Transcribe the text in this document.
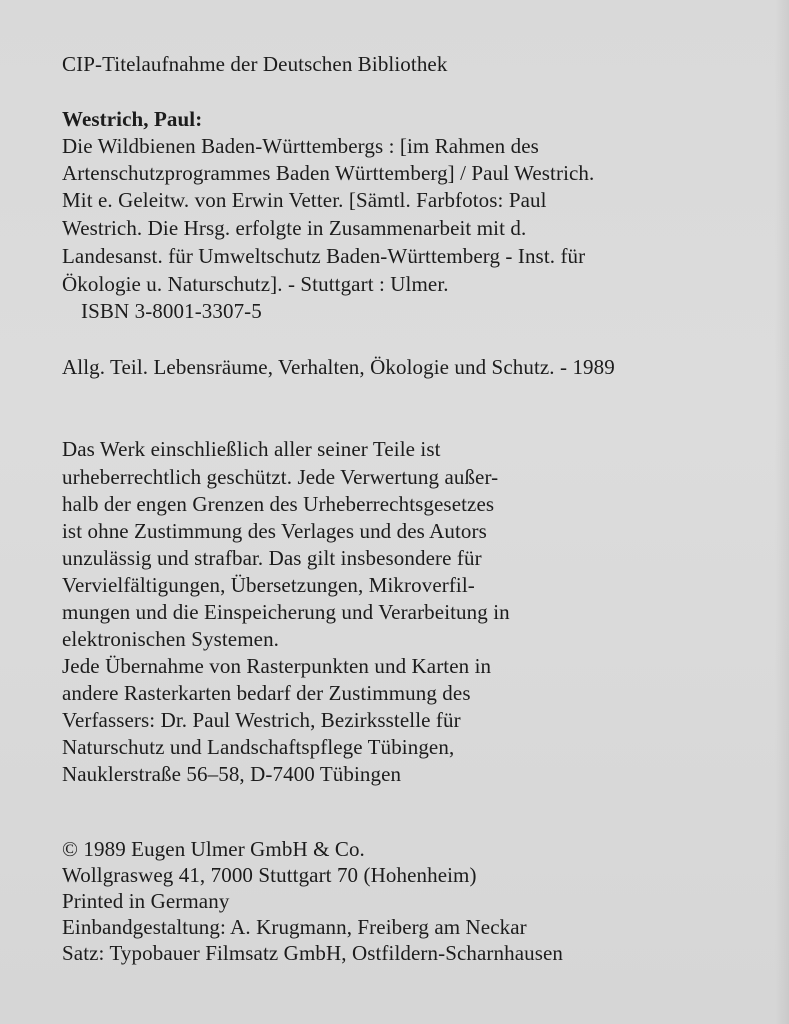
CIP-Titelaufnahme der Deutschen Bibliothek
Westrich, Paul:
Die Wildbienen Baden-Württembergs : [im Rahmen des
Artenschutzprogrammes Baden Württemberg] / Paul Westrich.
Mit e. Geleitw. von Erwin Vetter. [Sämtl. Farbfotos: Paul
Westrich. Die Hrsg. erfolgte in Zusammenarbeit mit d.
Landesanst. für Umweltschutz Baden-Württemberg - Inst. für
Ökologie u. Naturschutz]. - Stuttgart : Ulmer.
ISBN 3-8001-3307-5
Allg. Teil. Lebensräume, Verhalten, Ökologie und Schutz. - 1989
Das Werk einschließlich aller seiner Teile ist
urheberrechtlich geschützt. Jede Verwertung außer-
halb der engen Grenzen des Urheberrechtsgesetzes
ist ohne Zustimmung des Verlages und des Autors
unzulässig und strafbar. Das gilt insbesondere für
Vervielfältigungen, Übersetzungen, Mikroverfil-
mungen und die Einspeicherung und Verarbeitung in
elektronischen Systemen.
Jede Übernahme von Rasterpunkten und Karten in
andere Rasterkarten bedarf der Zustimmung des
Verfassers: Dr. Paul Westrich, Bezirksstelle für
Naturschutz und Landschaftspflege Tübingen,
Nauklerstraße 56–58, D-7400 Tübingen
© 1989 Eugen Ulmer GmbH & Co.
Wollgrasweg 41, 7000 Stuttgart 70 (Hohenheim)
Printed in Germany
Einbandgestaltung: A. Krugmann, Freiberg am Neckar
Satz: Typobauer Filmsatz GmbH, Ostfildern-Scharnhausen
